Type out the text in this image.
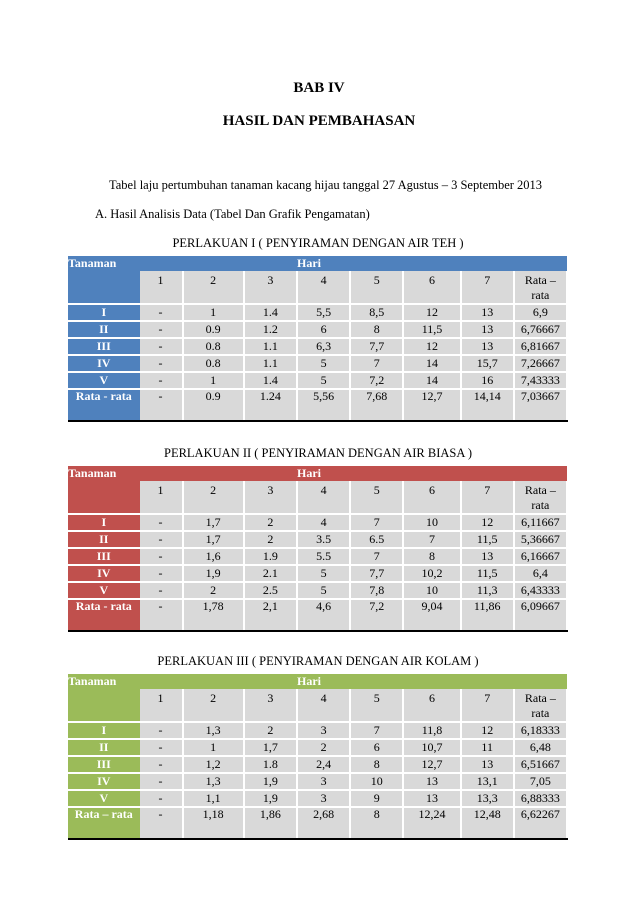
BAB IV
HASIL DAN PEMBAHASAN
Tabel laju pertumbuhan tanaman kacang hijau tanggal 27 Agustus – 3 September 2013
A. Hasil Analisis Data (Tabel Dan Grafik Pengamatan)
PERLAKUAN I ( PENYIRAMAN DENGAN AIR TEH )
PERLAKUAN II ( PENYIRAMAN DENGAN AIR BIASA )
PERLAKUAN III ( PENYIRAMAN DENGAN AIR KOLAM )
Tanaman				Hari				
	1	2	3	4	5	6	7	Rata – rata
I	-	1	1.4	5,5	8,5	12	13	6,9
II	-	0.9	1.2	6	8	11,5	13	6,76667
III	-	0.8	1.1	6,3	7,7	12	13	6,81667
IV	-	0.8	1.1	5	7	14	15,7	7,26667
V	-	1	1.4	5	7,2	14	16	7,43333
Rata - rata	-	0.9	1.24	5,56	7,68	12,7	14,14	7,03667
Tanaman				Hari				
	1	2	3	4	5	6	7	Rata – rata
I	-	1,7	2	4	7	10	12	6,11667
II	-	1,7	2	3.5	6.5	7	11,5	5,36667
III	-	1,6	1.9	5.5	7	8	13	6,16667
IV	-	1,9	2.1	5	7,7	10,2	11,5	6,4
V	-	2	2.5	5	7,8	10	11,3	6,43333
Rata - rata	-	1,78	2,1	4,6	7,2	9,04	11,86	6,09667
Tanaman				Hari				
	1	2	3	4	5	6	7	Rata – rata
I	-	1,3	2	3	7	11,8	12	6,18333
II	-	1	1,7	2	6	10,7	11	6,48
III	-	1,2	1.8	2,4	8	12,7	13	6,51667
IV	-	1,3	1,9	3	10	13	13,1	7,05
V	-	1,1	1,9	3	9	13	13,3	6,88333
Rata – rata	-	1,18	1,86	2,68	8	12,24	12,48	6,62267
